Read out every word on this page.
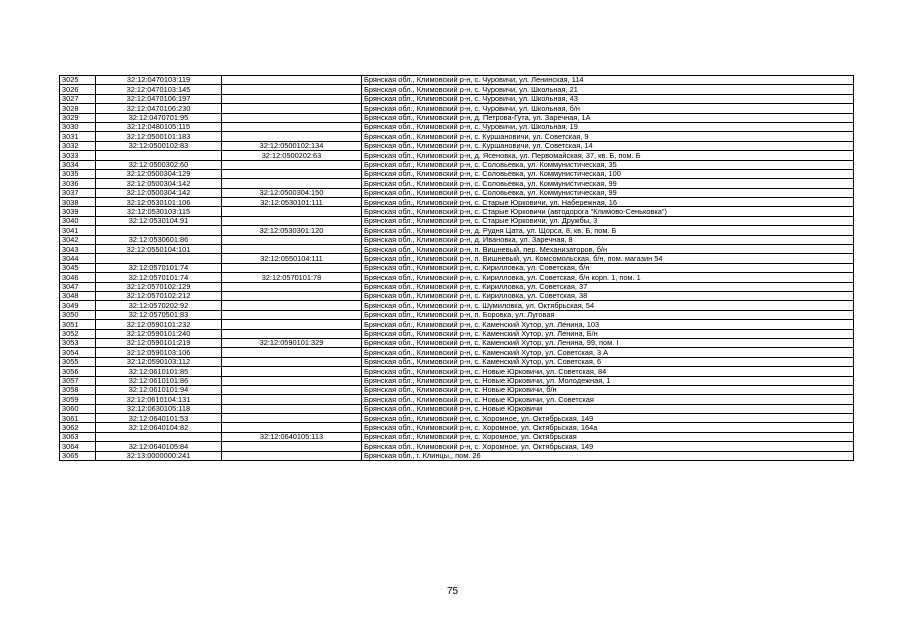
3025	32:12:0470103:119		Брянская обл., Климовский р-н, с. Чуровичи, ул. Ленинская, 114
3026	32:12:0470103:145		Брянская обл., Климовский р-н, с. Чуровичи, ул. Школьная, 21
3027	32:12:0470106:197		Брянская обл., Климовский р-н, с. Чуровичи, ул. Школьная, 43
3028	32:12:0470106:230		Брянская обл., Климовский р-н, с. Чуровичи, ул. Школьная, б/н
3029	32:12:0470701:95		Брянская обл., Климовский р-н, д. Петрова-Гута, ул. Заречная, 1А
3030	32:12:0480105:115		Брянская обл., Климовский р-н, с. Чуровичи, ул. Школьная, 19
3031	32:12:0500101:183		Брянская обл., Климовский р-н, с. Куршановичи, ул. Советская, 9
3032	32:12:0500102:83	32:12:0500102:134	Брянская обл., Климовский р-н, с. Куршановичи, ул. Советская, 14
3033		32:12:0500202:63	Брянская обл., Климовский р-н, д. Ясеновка, ул. Первомайская, 37, кв. Б, пом. Б
3034	32:12:0500302:60		Брянская обл., Климовский р-н, с. Соловьевка, ул. Коммунистическая, 35
3035	32:12:0500304:129		Брянская обл., Климовский р-н, с. Соловьевка, ул. Коммунистическая, 100
3036	32:12:0500304:142		Брянская обл., Климовский р-н, с. Соловьевка, ул. Коммунистическая, 99
3037	32:12:0500304:142	32:12:0500304:150	Брянская обл., Климовский р-н, с. Соловьевка, ул. Коммунистическая, 99
3038	32:12:0530101:106	32:12:0530101:111	Брянская обл., Климовский р-н, с. Старые Юрковичи, ул. Набережная, 16
3039	32:12:0530103:115		Брянская обл., Климовский р-н, с. Старые Юрковичи (автодорога "Климово-Сеньковка")
3040	32:12:0530104:91		Брянская обл., Климовский р-н, с. Старые Юрковичи, ул. Дружбы, 3
3041		32:12:0530301:120	Брянская обл., Климовский р-н, д. Рудня Цата, ул. Щорса, 8, кв. Б, пом. Б
3042	32:12:0530601:86		Брянская обл., Климовский р-н, д. Ивановка, ул. Заречная, 8
3043	32:12:0550104:101		Брянская обл., Климовский р-н, п. Вишневый, пер. Механизаторов, б/н
3044		32:12:0550104:111	Брянская обл., Климовский р-н, п. Вишневый, ул. Комсомольская, б/н, пом. магазин 54
3045	32:12:0570101:74		Брянская обл., Климовский р-н, с. Кирилловка, ул. Советская, б/н
3046	32:12:0570101:74	32:12:0570101:78	Брянская обл., Климовский р-н, с. Кирилловка, ул. Советская, б/н корп. 1, пом. 1
3047	32:12:0570102:129		Брянская обл., Климовский р-н, с. Кирилловка, ул. Советская, 37
3048	32:12:0570102:212		Брянская обл., Климовский р-н, с. Кирилловка, ул. Советская, 38
3049	32:12:0570202:92		Брянская обл., Климовский р-н, с. Шумиловка, ул. Октябрьская, 54
3050	32:12:0570501:83		Брянская обл., Климовский р-н, п. Боровка, ул. Луговая
3051	32:12:0590101:232		Брянская обл., Климовский р-н, с. Каменский Хутор, ул. Ленина, 103
3052	32:12:0590101:240		Брянская обл., Климовский р-н, с. Каменский Хутор, ул. Ленина, Б/н
3053	32:12:0590101:219	32:12:0590101:329	Брянская обл., Климовский р-н, с. Каменский Хутор, ул. Ленина, 99, пом. I
3054	32:12:0590103:106		Брянская обл., Климовский р-н, с. Каменский Хутор, ул. Советская, 3 А
3055	32:12:0590103:112		Брянская обл., Климовский р-н, с. Каменский Хутор, ул. Советская, 6
3056	32:12:0610101:85		Брянская обл., Климовский р-н, с. Новые Юрковичи, ул. Советская, 84
3057	32:12:0610101:86		Брянская обл., Климовский р-н, с. Новые Юрковичи, ул. Молодежная, 1
3058	32:12:0610101:94		Брянская обл., Климовский р-н, с. Новые Юрковичи, б/н
3059	32:12:0610104:131		Брянская обл., Климовский р-н, с. Новые Юрковичи, ул. Советская
3060	32:12:0630105:118		Брянская обл., Климовский р-н, с. Новые Юрковичи
3061	32:12:0640101:53		Брянская обл., Климовский р-н, с. Хоромное, ул. Октябрьская, 149
3062	32:12:0640104:82		Брянская обл., Климовский р-н, с. Хоромное, ул. Октябрьская, 164а
3063		32:12:0640105:113	Брянская обл., Климовский р-н, с. Хоромное, ул. Октябрьская
3064	32:12:0640105:84		Брянская обл., Климовский р-н, с. Хоромное, ул. Октябрьская, 149
3065	32:13:0000000:241		Брянская обл., г. Клинцы,, пом. 26
75
